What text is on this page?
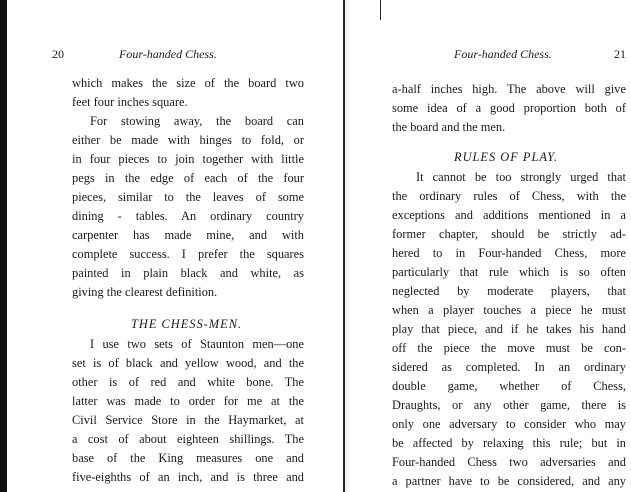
20	Four-handed Chess.
which makes the size of the board two
feet four inches square.
For stowing away, the board can
either be made with hinges to fold, or
in four pieces to join together with little
pegs in the edge of each of the four
pieces, similar to the leaves of some
dining - tables. An ordinary country
carpenter has made mine, and with
complete success. I prefer the squares
painted in plain black and white, as
giving the clearest definition.
THE CHESS-MEN.
I use two sets of Staunton men—one
set is of black and yellow wood, and the
other is of red and white bone. The
latter was made to order for me at the
Civil Service Store in the Haymarket, at
a cost of about eighteen shillings. The
base of the King measures one and
five-eighths of an inch, and is three and
Four-handed Chess.	21
a-half inches high. The above will give
some idea of a good proportion both of
the board and the men.
RULES OF PLAY.
It cannot be too strongly urged that
the ordinary rules of Chess, with the
exceptions and additions mentioned in a
former chapter, should be strictly ad-
hered to in Four-handed Chess, more
particularly that rule which is so often
neglected by moderate players, that
when a player touches a piece he must
play that piece, and if he takes his hand
off the piece the move must be con-
sidered as completed. In an ordinary
double game, whether of Chess,
Draughts, or any other game, there is
only one adversary to consider who may
be affected by relaxing this rule; but in
Four-handed Chess two adversaries and
a partner have to be considered, and any
